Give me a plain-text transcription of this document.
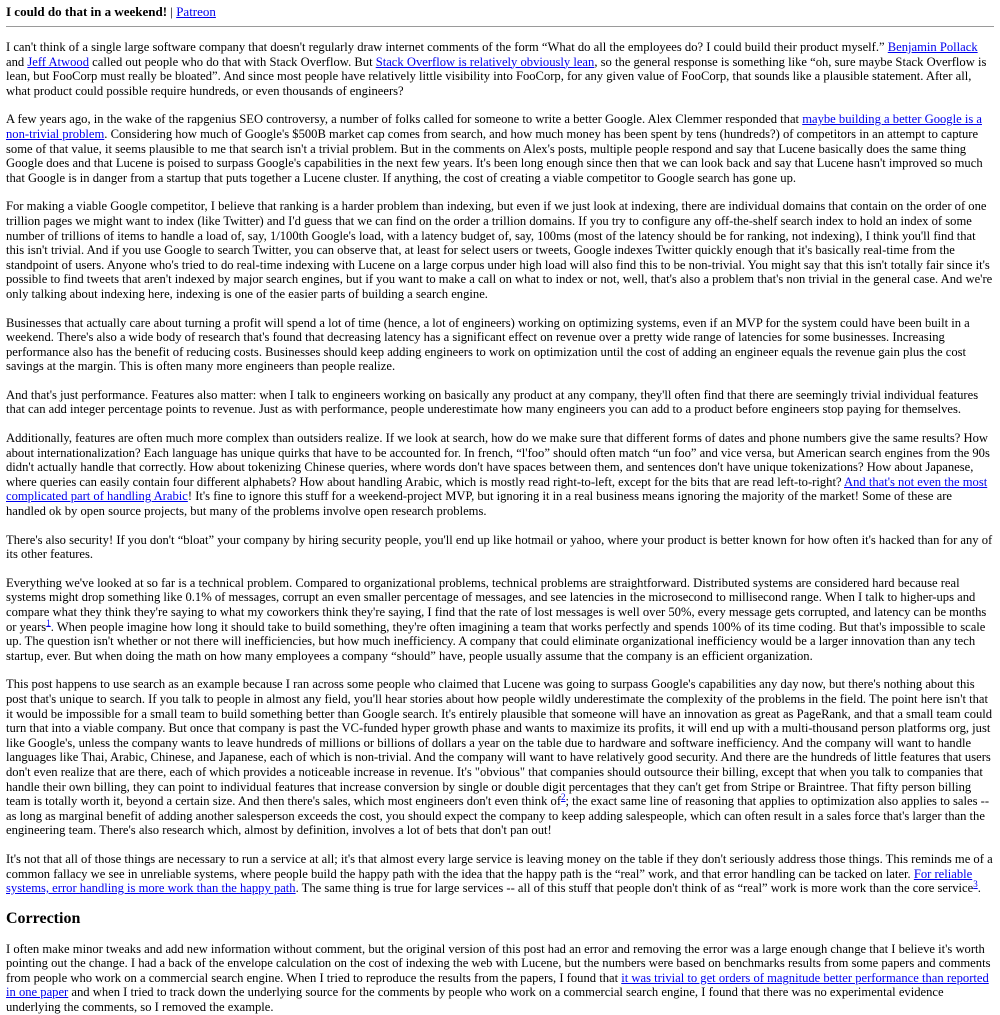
I could do that in a weekend! | Patreon

I can't think of a single large software company that doesn't regularly draw internet comments of the form “What do all the employees do? I could build their product myself.” Benjamin Pollack and Jeff Atwood called out people who do that with Stack Overflow. But Stack Overflow is relatively obviously lean, so the general response is something like “oh, sure maybe Stack Overflow is lean, but FooCorp must really be bloated”. And since most people have relatively little visibility into FooCorp, for any given value of FooCorp, that sounds like a plausible statement. After all, what product could possible require hundreds, or even thousands of engineers?

A few years ago, in the wake of the rapgenius SEO controversy, a number of folks called for someone to write a better Google. Alex Clemmer responded that maybe building a better Google is a non-trivial problem. Considering how much of Google's $500B market cap comes from search, and how much money has been spent by tens (hundreds?) of competitors in an attempt to capture some of that value, it seems plausible to me that search isn't a trivial problem. But in the comments on Alex's posts, multiple people respond and say that Lucene basically does the same thing Google does and that Lucene is poised to surpass Google's capabilities in the next few years. It's been long enough since then that we can look back and say that Lucene hasn't improved so much that Google is in danger from a startup that puts together a Lucene cluster. If anything, the cost of creating a viable competitor to Google search has gone up.

For making a viable Google competitor, I believe that ranking is a harder problem than indexing, but even if we just look at indexing, there are individual domains that contain on the order of one trillion pages we might want to index (like Twitter) and I'd guess that we can find on the order a trillion domains. If you try to configure any off-the-shelf search index to hold an index of some number of trillions of items to handle a load of, say, 1/100th Google's load, with a latency budget of, say, 100ms (most of the latency should be for ranking, not indexing), I think you'll find that this isn't trivial. And if you use Google to search Twitter, you can observe that, at least for select users or tweets, Google indexes Twitter quickly enough that it's basically real-time from the standpoint of users. Anyone who's tried to do real-time indexing with Lucene on a large corpus under high load will also find this to be non-trivial. You might say that this isn't totally fair since it's possible to find tweets that aren't indexed by major search engines, but if you want to make a call on what to index or not, well, that's also a problem that's non trivial in the general case. And we're only talking about indexing here, indexing is one of the easier parts of building a search engine.

Businesses that actually care about turning a profit will spend a lot of time (hence, a lot of engineers) working on optimizing systems, even if an MVP for the system could have been built in a weekend. There's also a wide body of research that's found that decreasing latency has a significant effect on revenue over a pretty wide range of latencies for some businesses. Increasing performance also has the benefit of reducing costs. Businesses should keep adding engineers to work on optimization until the cost of adding an engineer equals the revenue gain plus the cost savings at the margin. This is often many more engineers than people realize.

And that's just performance. Features also matter: when I talk to engineers working on basically any product at any company, they'll often find that there are seemingly trivial individual features that can add integer percentage points to revenue. Just as with performance, people underestimate how many engineers you can add to a product before engineers stop paying for themselves.

Additionally, features are often much more complex than outsiders realize. If we look at search, how do we make sure that different forms of dates and phone numbers give the same results? How about internationalization? Each language has unique quirks that have to be accounted for. In french, “l'foo” should often match “un foo” and vice versa, but American search engines from the 90s didn't actually handle that correctly. How about tokenizing Chinese queries, where words don't have spaces between them, and sentences don't have unique tokenizations? How about Japanese, where queries can easily contain four different alphabets? How about handling Arabic, which is mostly read right-to-left, except for the bits that are read left-to-right? And that's not even the most complicated part of handling Arabic! It's fine to ignore this stuff for a weekend-project MVP, but ignoring it in a real business means ignoring the majority of the market! Some of these are handled ok by open source projects, but many of the problems involve open research problems.

There's also security! If you don't “bloat” your company by hiring security people, you'll end up like hotmail or yahoo, where your product is better known for how often it's hacked than for any of its other features.

Everything we've looked at so far is a technical problem. Compared to organizational problems, technical problems are straightforward. Distributed systems are considered hard because real systems might drop something like 0.1% of messages, corrupt an even smaller percentage of messages, and see latencies in the microsecond to millisecond range. When I talk to higher-ups and compare what they think they're saying to what my coworkers think they're saying, I find that the rate of lost messages is well over 50%, every message gets corrupted, and latency can be months or years$^1$. When people imagine how long it should take to build something, they're often imagining a team that works perfectly and spends 100% of its time coding. But that's impossible to scale up. The question isn't whether or not there will inefficiencies, but how much inefficiency. A company that could eliminate organizational inefficiency would be a larger innovation than any tech startup, ever. But when doing the math on how many employees a company “should” have, people usually assume that the company is an efficient organization.

This post happens to use search as an example because I ran across some people who claimed that Lucene was going to surpass Google's capabilities any day now, but there's nothing about this post that's unique to search. If you talk to people in almost any field, you'll hear stories about how people wildly underestimate the complexity of the problems in the field. The point here isn't that it would be impossible for a small team to build something better than Google search. It's entirely plausible that someone will have an innovation as great as PageRank, and that a small team could turn that into a viable company. But once that company is past the VC-funded hyper growth phase and wants to maximize its profits, it will end up with a multi-thousand person platforms org, just like Google's, unless the company wants to leave hundreds of millions or billions of dollars a year on the table due to hardware and software inefficiency. And the company will want to handle languages like Thai, Arabic, Chinese, and Japanese, each of which is non-trivial. And the company will want to have relatively good security. And there are the hundreds of little features that users don't even realize that are there, each of which provides a noticeable increase in revenue. It's "obvious" that companies should outsource their billing, except that when you talk to companies that handle their own billing, they can point to individual features that increase conversion by single or double digit percentages that they can't get from Stripe or Braintree. That fifty person billing team is totally worth it, beyond a certain size. And then there's sales, which most engineers don't even think of$^2$; the exact same line of reasoning that applies to optimization also applies to sales -- as long as marginal benefit of adding another salesperson exceeds the cost, you should expect the company to keep adding salespeople, which can often result in a sales force that's larger than the engineering team. There's also research which, almost by definition, involves a lot of bets that don't pan out!

It's not that all of those things are necessary to run a service at all; it's that almost every large service is leaving money on the table if they don't seriously address those things. This reminds me of a common fallacy we see in unreliable systems, where people build the happy path with the idea that the happy path is the “real” work, and that error handling can be tacked on later. For reliable systems, error handling is more work than the happy path. The same thing is true for large services -- all of this stuff that people don't think of as “real” work is more work than the core service$^3$.

Correction

I often make minor tweaks and add new information without comment, but the original version of this post had an error and removing the error was a large enough change that I believe it's worth pointing out the change. I had a back of the envelope calculation on the cost of indexing the web with Lucene, but the numbers were based on benchmarks results from some papers and comments from people who work on a commercial search engine. When I tried to reproduce the results from the papers, I found that it was trivial to get orders of magnitude better performance than reported in one paper and when I tried to track down the underlying source for the comments by people who work on a commercial search engine, I found that there was no experimental evidence underlying the comments, so I removed the example.
